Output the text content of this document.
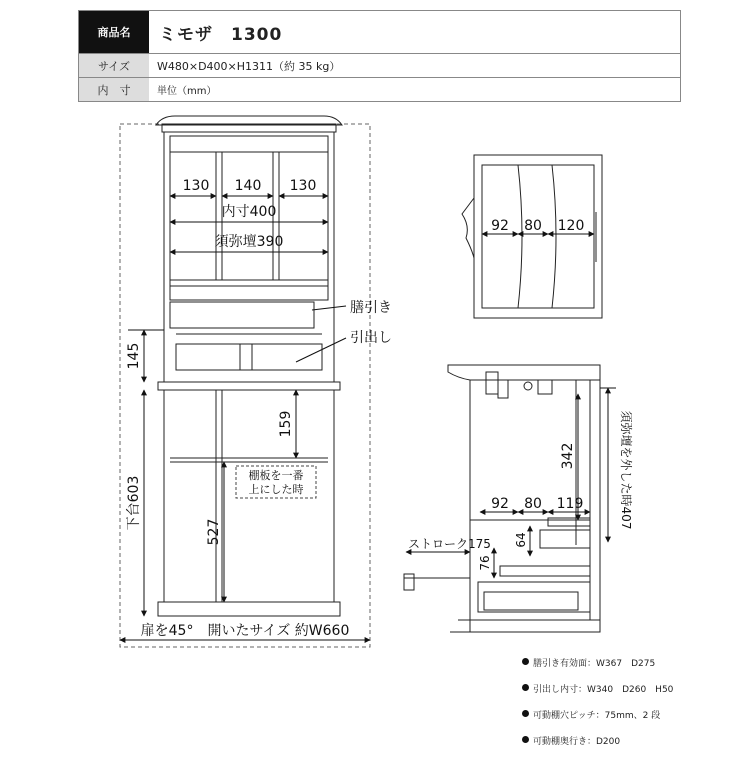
商品名	ミモザ　1300
サイズ	W480×D400×H1311（約 35 kg）
内　寸	単位（mm）
130 140 130
内寸400
須弥壇390
膳引き
引出し
145
159
527
下台603
扉を45°　開いたサイズ 約W660
棚板を一番
上にした時
92 80 120
342
92 80 119
64
76
ストローク175
須弥壇を外した時407
膳引き有効面：W367　D275
引出し内寸：W340　D260　H50
可動棚穴ピッチ：75mm、2 段
可動棚奥行き：D200
